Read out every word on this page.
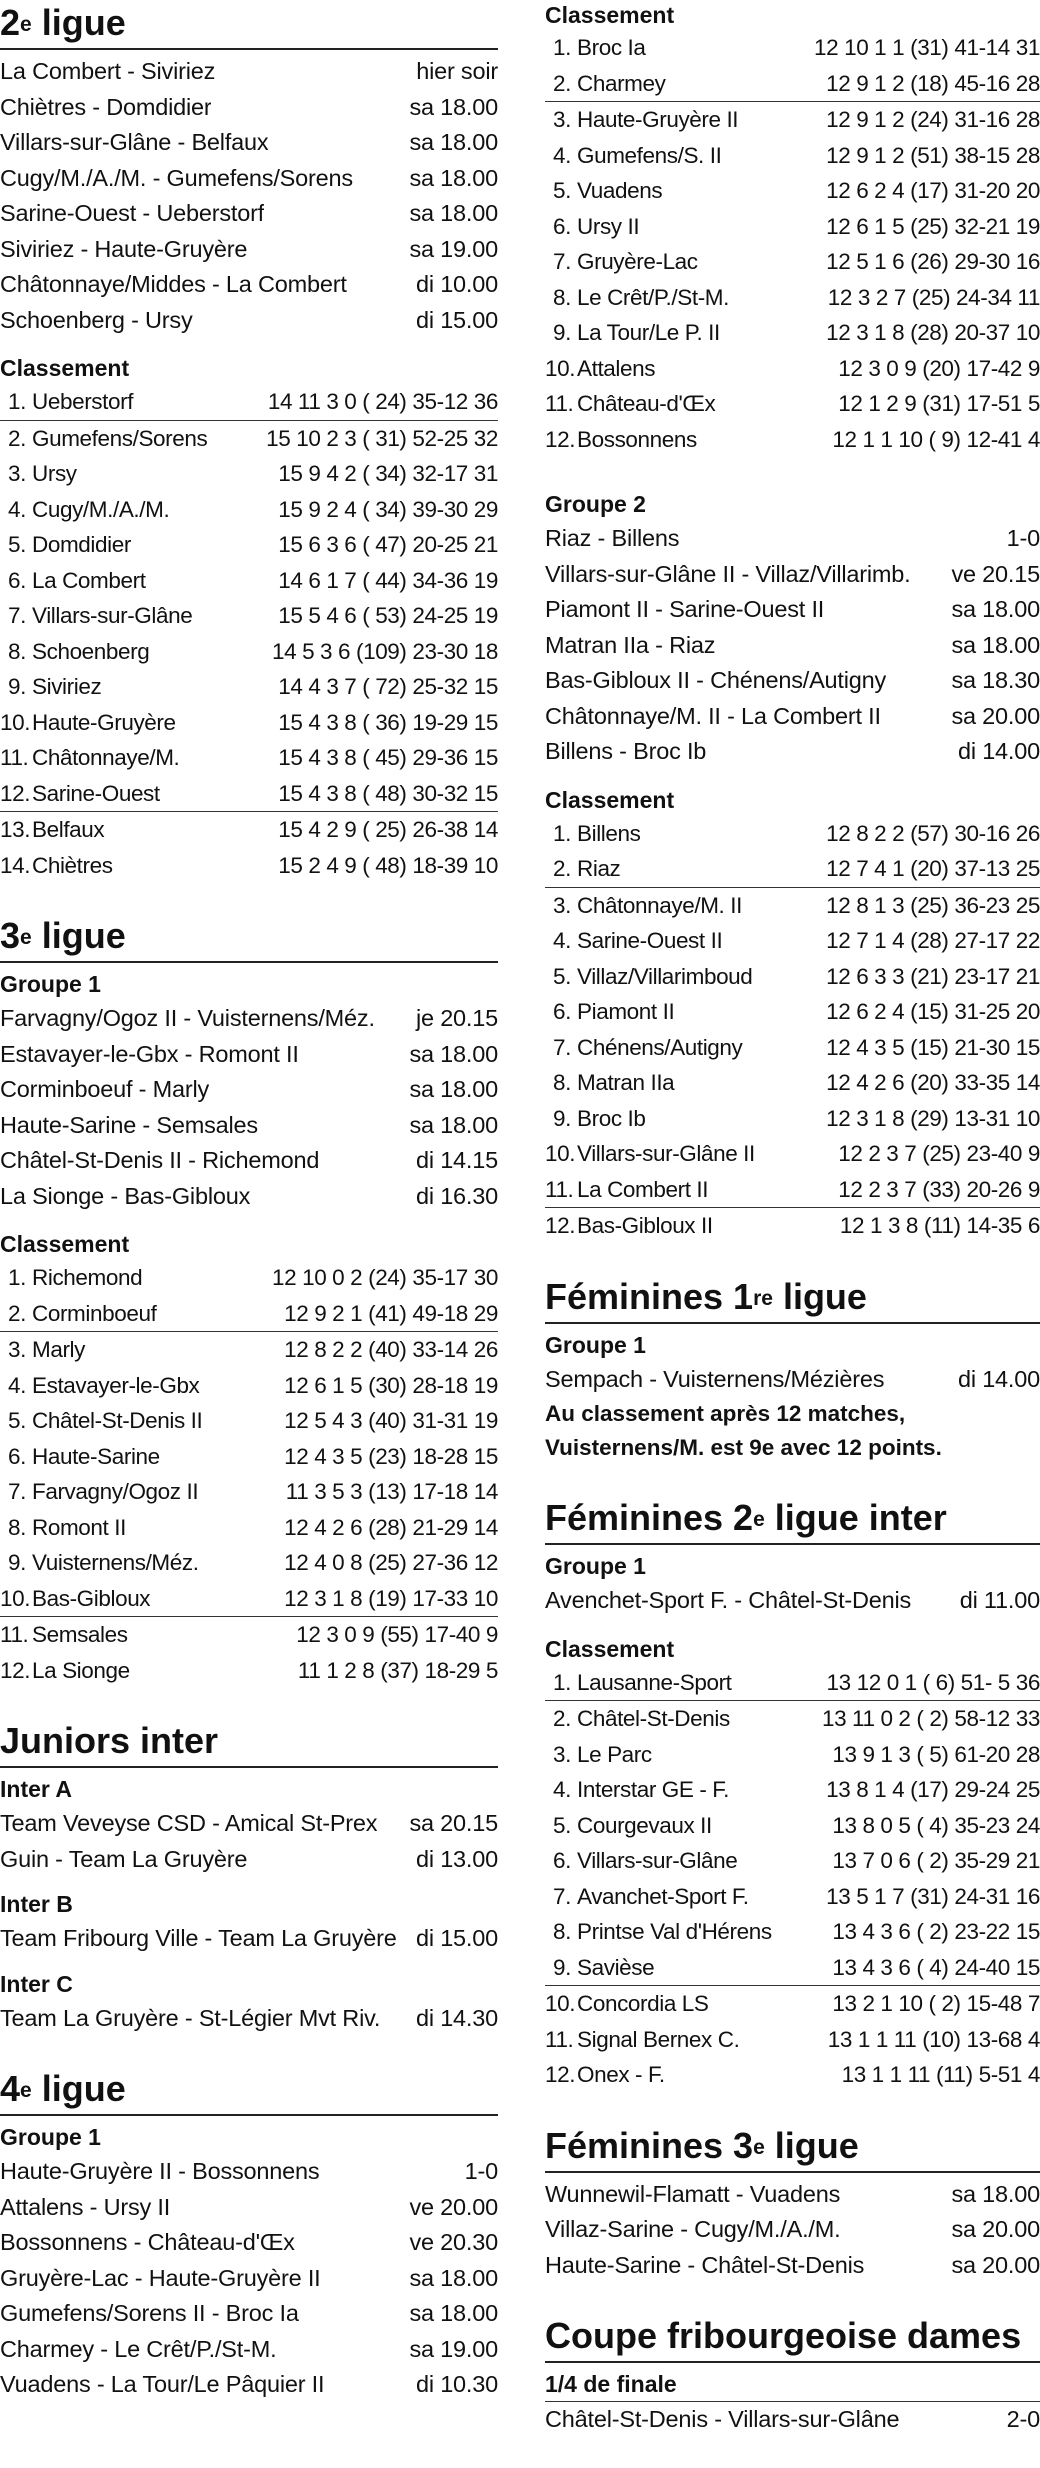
2e ligue
La Combert - Siviriez	hier soir
Chiètres - Domdidier	sa 18.00
Villars-sur-Glâne - Belfaux	sa 18.00
Cugy/M./A./M. - Gumefens/Sorens	sa 18.00
Sarine-Ouest - Ueberstorf	sa 18.00
Siviriez - Haute-Gruyère	sa 19.00
Châtonnaye/Middes - La Combert	di 10.00
Schoenberg - Ursy	di 15.00
Classement
1. Ueberstorf	14 11 3 0 ( 24) 35-12 36
2. Gumefens/Sorens	15 10 2 3 ( 31) 52-25 32
3. Ursy	15 9 4 2 ( 34) 32-17 31
4. Cugy/M./A./M.	15 9 2 4 ( 34) 39-30 29
5. Domdidier	15 6 3 6 ( 47) 20-25 21
6. La Combert	14 6 1 7 ( 44) 34-36 19
7. Villars-sur-Glâne	15 5 4 6 ( 53) 24-25 19
8. Schoenberg	14 5 3 6 (109) 23-30 18
9. Siviriez	14 4 3 7 ( 72) 25-32 15
10. Haute-Gruyère	15 4 3 8 ( 36) 19-29 15
11. Châtonnaye/M.	15 4 3 8 ( 45) 29-36 15
12. Sarine-Ouest	15 4 3 8 ( 48) 30-32 15
13. Belfaux	15 4 2 9 ( 25) 26-38 14
14. Chiètres	15 2 4 9 ( 48) 18-39 10
3e ligue
Groupe 1
Farvagny/Ogoz II - Vuisternens/Méz.	je 20.15
Estavayer-le-Gbx - Romont II	sa 18.00
Corminboeuf - Marly	sa 18.00
Haute-Sarine - Semsales	sa 18.00
Châtel-St-Denis II - Richemond	di 14.15
La Sionge - Bas-Gibloux	di 16.30
Classement
1. Richemond	12 10 0 2 (24) 35-17 30
2. Corminboeuf	12 9 2 1 (41) 49-18 29
3. Marly	12 8 2 2 (40) 33-14 26
4. Estavayer-le-Gbx	12 6 1 5 (30) 28-18 19
5. Châtel-St-Denis II	12 5 4 3 (40) 31-31 19
6. Haute-Sarine	12 4 3 5 (23) 18-28 15
7. Farvagny/Ogoz II	11 3 5 3 (13) 17-18 14
8. Romont II	12 4 2 6 (28) 21-29 14
9. Vuisternens/Méz.	12 4 0 8 (25) 27-36 12
10. Bas-Gibloux	12 3 1 8 (19) 17-33 10
11. Semsales	12 3 0 9 (55) 17-40 9
12. La Sionge	11 1 2 8 (37) 18-29 5
Juniors inter
Inter A
Team Veveyse CSD - Amical St-Prex	sa 20.15
Guin - Team La Gruyère	di 13.00
Inter B
Team Fribourg Ville - Team La Gruyère di 15.00
Inter C
Team La Gruyère - St-Légier Mvt Riv.	di 14.30
4e ligue
Groupe 1
Haute-Gruyère II - Bossonnens	1-0
Attalens - Ursy II	ve 20.00
Bossonnens - Château-d'Œx	ve 20.30
Gruyère-Lac - Haute-Gruyère II	sa 18.00
Gumefens/Sorens II - Broc Ia	sa 18.00
Charmey - Le Crêt/P./St-M.	sa 19.00
Vuadens - La Tour/Le Pâquier II	di 10.30
Classement
1. Broc Ia	12 10 1 1 (31) 41-14 31
2. Charmey	12 9 1 2 (18) 45-16 28
3. Haute-Gruyère II	12 9 1 2 (24) 31-16 28
4. Gumefens/S. II	12 9 1 2 (51) 38-15 28
5. Vuadens	12 6 2 4 (17) 31-20 20
6. Ursy II	12 6 1 5 (25) 32-21 19
7. Gruyère-Lac	12 5 1 6 (26) 29-30 16
8. Le Crêt/P./St-M.	12 3 2 7 (25) 24-34 11
9. La Tour/Le P. II	12 3 1 8 (28) 20-37 10
10. Attalens	12 3 0 9 (20) 17-42 9
11. Château-d'Œx	12 1 2 9 (31) 17-51 5
12. Bossonnens	12 1 1 10 ( 9) 12-41 4
Groupe 2
Riaz - Billens	1-0
Villars-sur-Glâne II - Villaz/Villarimb.	ve 20.15
Piamont II - Sarine-Ouest II	sa 18.00
Matran IIa - Riaz	sa 18.00
Bas-Gibloux II - Chénens/Autigny	sa 18.30
Châtonnaye/M. II - La Combert II	sa 20.00
Billens - Broc Ib	di 14.00
Classement
1. Billens	12 8 2 2 (57) 30-16 26
2. Riaz	12 7 4 1 (20) 37-13 25
3. Châtonnaye/M. II	12 8 1 3 (25) 36-23 25
4. Sarine-Ouest II	12 7 1 4 (28) 27-17 22
5. Villaz/Villarimboud	12 6 3 3 (21) 23-17 21
6. Piamont II	12 6 2 4 (15) 31-25 20
7. Chénens/Autigny	12 4 3 5 (15) 21-30 15
8. Matran IIa	12 4 2 6 (20) 33-35 14
9. Broc Ib	12 3 1 8 (29) 13-31 10
10. Villars-sur-Glâne II	12 2 3 7 (25) 23-40 9
11. La Combert II	12 2 3 7 (33) 20-26 9
12. Bas-Gibloux II	12 1 3 8 (11) 14-35 6
Féminines 1re ligue
Groupe 1
Sempach - Vuisternens/Mézières	di 14.00
Au classement après 12 matches, Vuisternens/M. est 9e avec 12 points.
Féminines 2e ligue inter
Groupe 1
Avenchet-Sport F. - Châtel-St-Denis	di 11.00
Classement
1. Lausanne-Sport	13 12 0 1 ( 6) 51- 5 36
2. Châtel-St-Denis	13 11 0 2 ( 2) 58-12 33
3. Le Parc	13 9 1 3 ( 5) 61-20 28
4. Interstar GE - F.	13 8 1 4 (17) 29-24 25
5. Courgevaux II	13 8 0 5 ( 4) 35-23 24
6. Villars-sur-Glâne	13 7 0 6 ( 2) 35-29 21
7. Avanchet-Sport F.	13 5 1 7 (31) 24-31 16
8. Printse Val d'Hérens	13 4 3 6 ( 2) 23-22 15
9. Savièse	13 4 3 6 ( 4) 24-40 15
10. Concordia LS	13 2 1 10 ( 2) 15-48 7
11. Signal Bernex C.	13 1 1 11 (10) 13-68 4
12. Onex - F.	13 1 1 11 (11) 5-51 4
Féminines 3e ligue
Wunnewil-Flamatt - Vuadens	sa 18.00
Villaz-Sarine - Cugy/M./A./M.	sa 20.00
Haute-Sarine - Châtel-St-Denis	sa 20.00
Coupe fribourgeoise dames
1/4 de finale
Châtel-St-Denis - Villars-sur-Glâne	2-0
